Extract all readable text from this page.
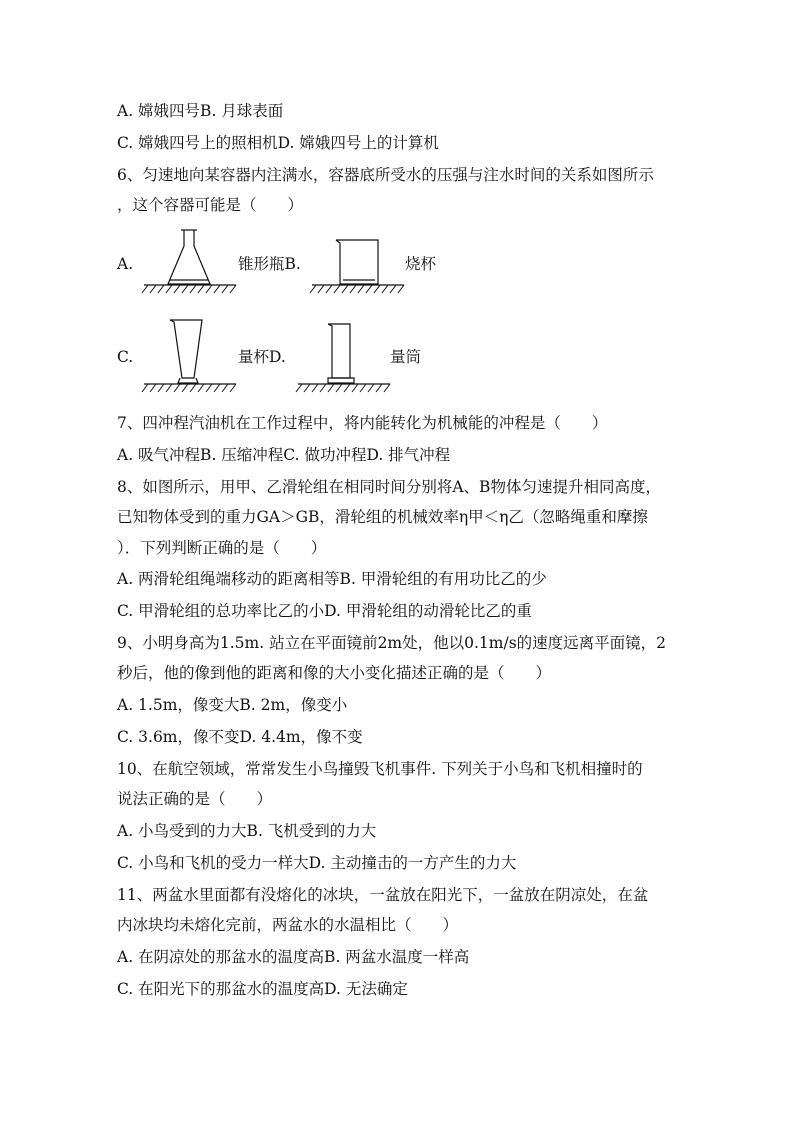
A. 嫦娥四号B. 月球表面
C. 嫦娥四号上的照相机D. 嫦娥四号上的计算机
6、匀速地向某容器内注满水，容器底所受水的压强与注水时间的关系如图所示
，这个容器可能是（　　）
A.	锥形瓶B.	烧杯
C.	量杯D.	量筒
7、四冲程汽油机在工作过程中，将内能转化为机械能的冲程是（　　）
A. 吸气冲程B. 压缩冲程C. 做功冲程D. 排气冲程
8、如图所示，用甲、乙滑轮组在相同时间分别将A、B物体匀速提升相同高度，
已知物体受到的重力GA＞GB，滑轮组的机械效率η甲＜η乙（忽略绳重和摩擦
）．下列判断正确的是（　　）
A. 两滑轮组绳端移动的距离相等B. 甲滑轮组的有用功比乙的少
C. 甲滑轮组的总功率比乙的小D. 甲滑轮组的动滑轮比乙的重
9、小明身高为1.5m. 站立在平面镜前2m处，他以0.1m/s的速度远离平面镜，2
秒后，他的像到他的距离和像的大小变化描述正确的是（　　）
A. 1.5m，像变大B. 2m，像变小
C. 3.6m，像不变D. 4.4m，像不变
10、在航空领域，常常发生小鸟撞毁飞机事件. 下列关于小鸟和飞机相撞时的
说法正确的是（　　）
A. 小鸟受到的力大B. 飞机受到的力大
C. 小鸟和飞机的受力一样大D. 主动撞击的一方产生的力大
11、两盆水里面都有没熔化的冰块，一盆放在阳光下，一盆放在阴凉处，在盆
内冰块均未熔化完前，两盆水的水温相比（　　）
A. 在阴凉处的那盆水的温度高B. 两盆水温度一样高
C. 在阳光下的那盆水的温度高D. 无法确定
